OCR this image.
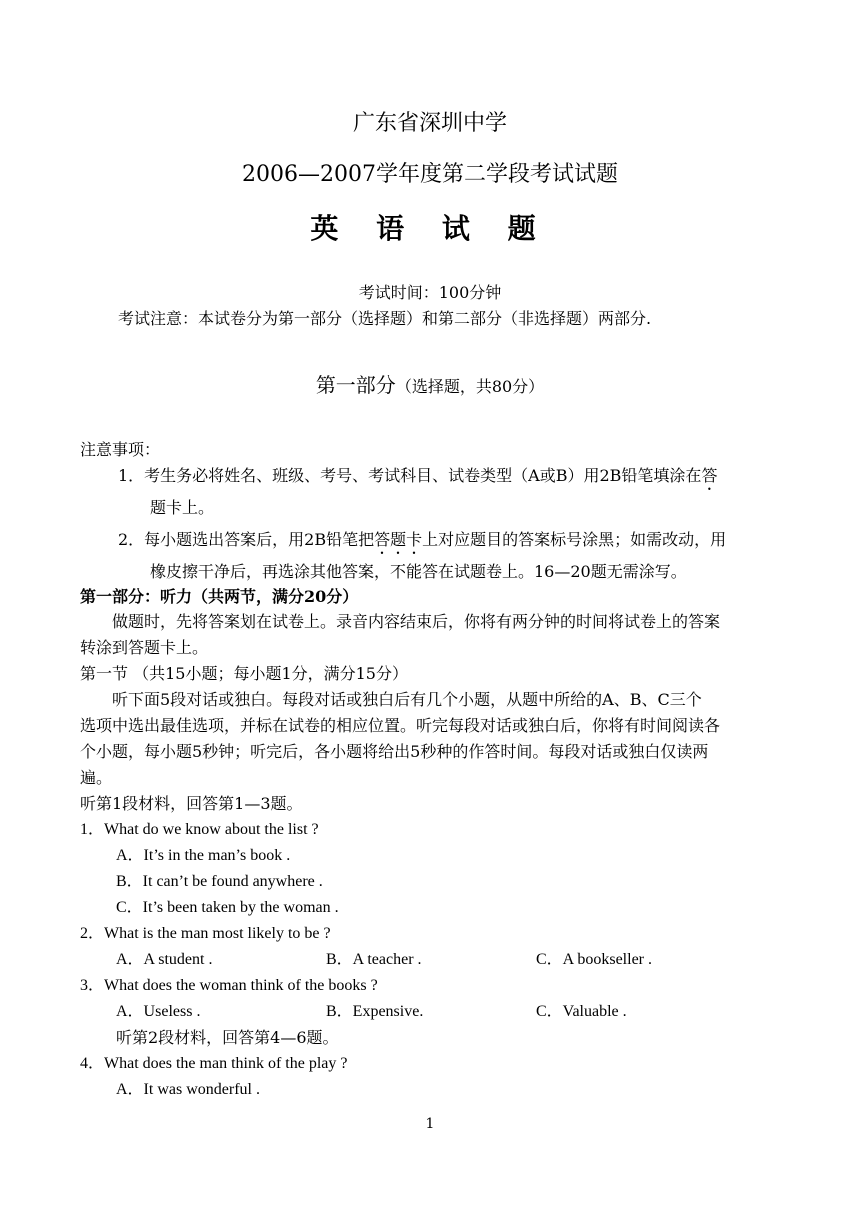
广东省深圳中学
2006—2007学年度第二学段考试试题
英 语 试 题
考试时间：100分钟
考试注意：本试卷分为第一部分（选择题）和第二部分（非选择题）两部分.
第一部分（选择题，共80分）
注意事项：
1．考生务必将姓名、班级、考号、考试科目、试卷类型（A或B）用2B铅笔填涂在答
题卡上。
2．每小题选出答案后，用2B铅笔把答题卡上对应题目的答案标号涂黑；如需改动，用
橡皮擦干净后，再选涂其他答案，不能答在试题卷上。16—20题无需涂写。
第一部分：听力（共两节，满分20分）
做题时，先将答案划在试卷上。录音内容结束后，你将有两分钟的时间将试卷上的答案
转涂到答题卡上。
第一节 （共15小题；每小题1分，满分15分）
听下面5段对话或独白。每段对话或独白后有几个小题，从题中所给的A、B、C三个
选项中选出最佳选项，并标在试卷的相应位置。听完每段对话或独白后，你将有时间阅读各
个小题，每小题5秒钟；听完后，各小题将给出5秒种的作答时间。每段对话或独白仅读两
遍。
听第1段材料，回答第1—3题。
1．What do we know about the list ?
A．It’s in the man’s book .
B．It can’t be found anywhere .
C．It’s been taken by the woman .
2．What is the man most likely to be ?
A．A student .	B．A teacher .	C．A bookseller .
3．What does the woman think of the books ?
A．Useless .	B．Expensive.	C．Valuable .
听第2段材料，回答第4—6题。
4．What does the man think of the play ?
A．It was wonderful .
1
